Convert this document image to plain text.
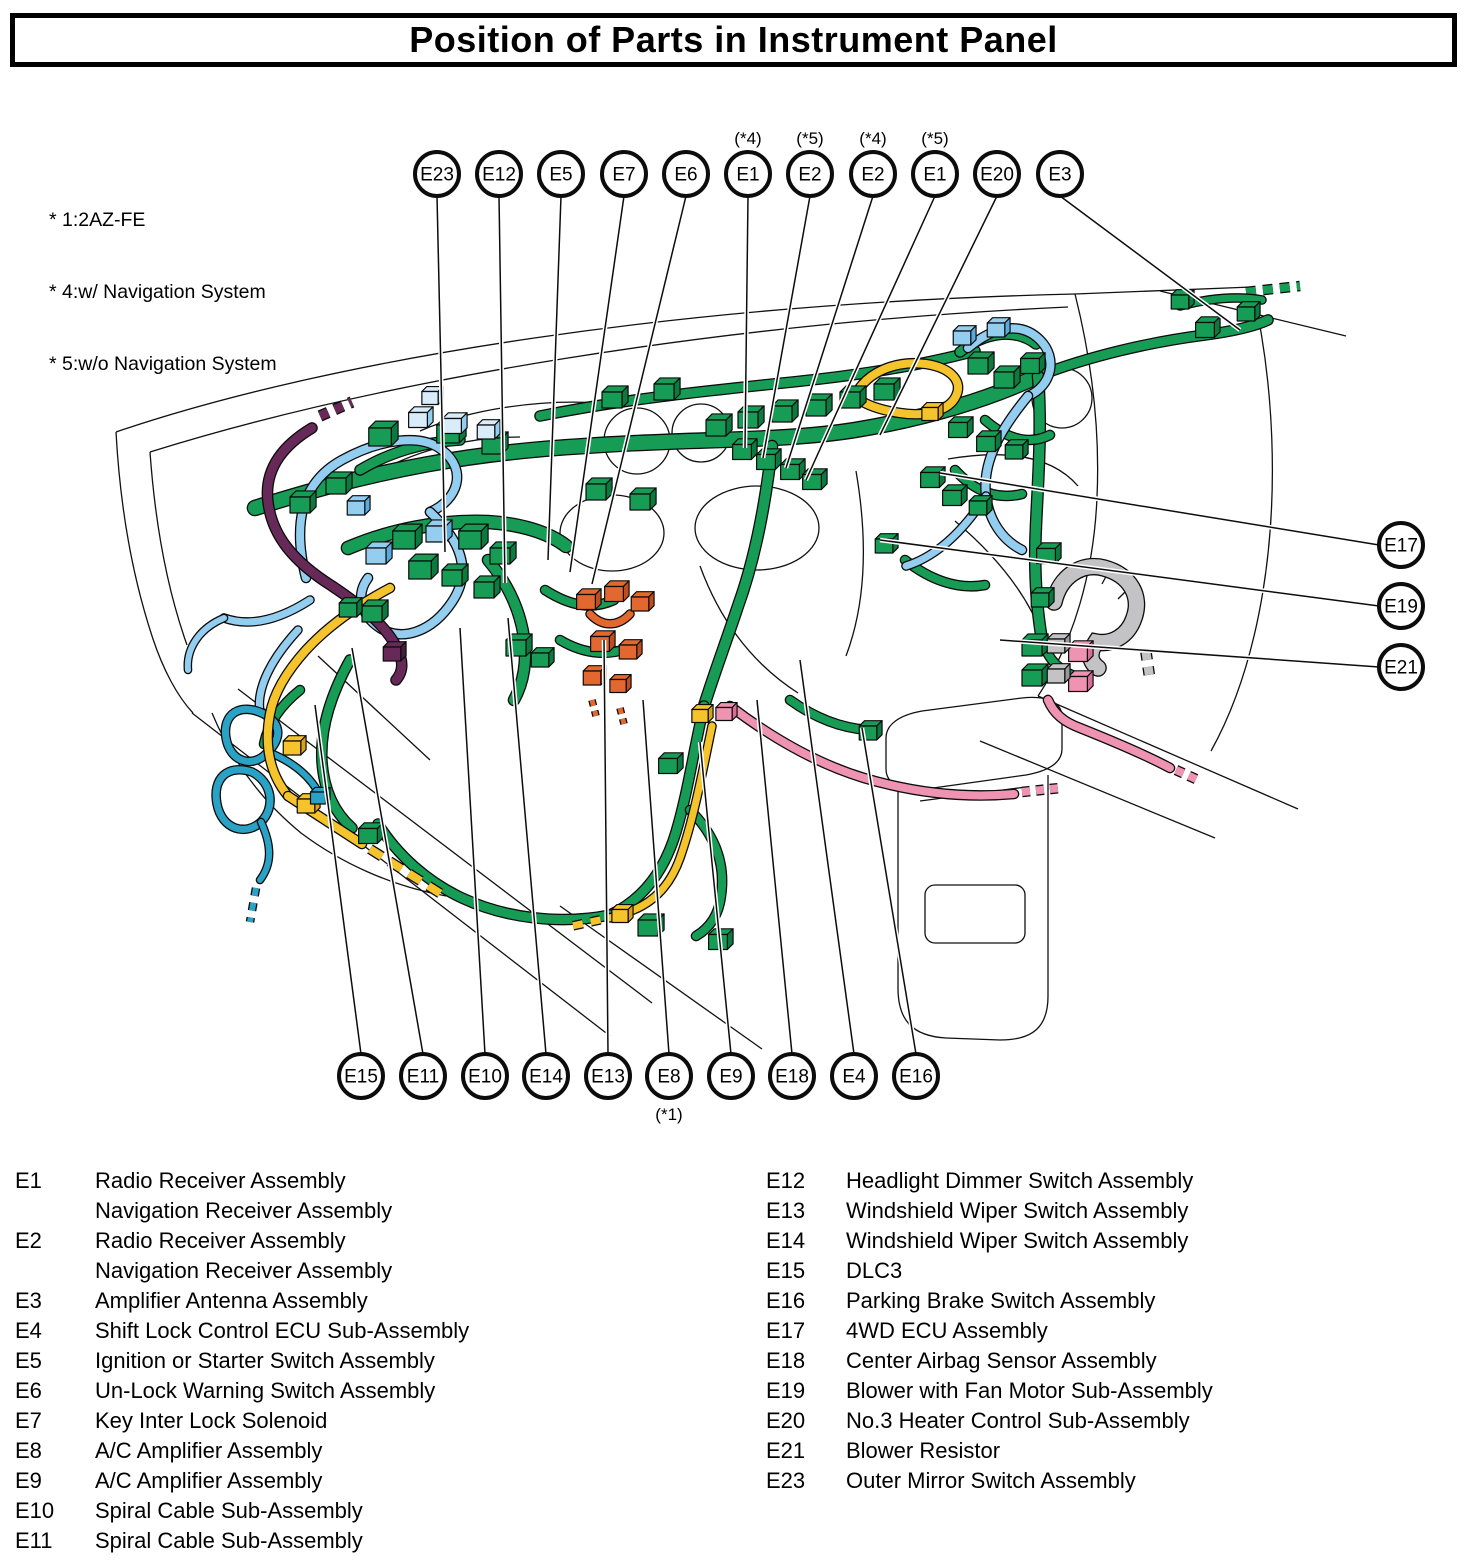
Position of Parts in Instrument Panel

* 1:2AZ-FE

* 4:w/ Navigation System

* 5:w/o Navigation System

E23 E12 E5 E7 E6 E1
(*4)
E2
(*5)
E2
(*4)
E1
(*5)
E20 E3
E17
E19
E21
E15 E11 E10 E14 E13 E8
(*1)
E9 E18 E4 E16
E1	Radio Receiver Assembly
Navigation Receiver Assembly
E2	Radio Receiver Assembly
Navigation Receiver Assembly
E3	Amplifier Antenna Assembly
E4	Shift Lock Control ECU Sub-Assembly
E5	Ignition or Starter Switch Assembly
E6	Un-Lock Warning Switch Assembly
E7	Key Inter Lock Solenoid
E8	A/C Amplifier Assembly
E9	A/C Amplifier Assembly
E10	Spiral Cable Sub-Assembly
E11	Spiral Cable Sub-Assembly
E12	Headlight Dimmer Switch Assembly
E13	Windshield Wiper Switch Assembly
E14	Windshield Wiper Switch Assembly
E15	DLC3
E16	Parking Brake Switch Assembly
E17	4WD ECU Assembly
E18	Center Airbag Sensor Assembly
E19	Blower with Fan Motor Sub-Assembly
E20	No.3 Heater Control Sub-Assembly
E21	Blower Resistor
E23	Outer Mirror Switch Assembly
